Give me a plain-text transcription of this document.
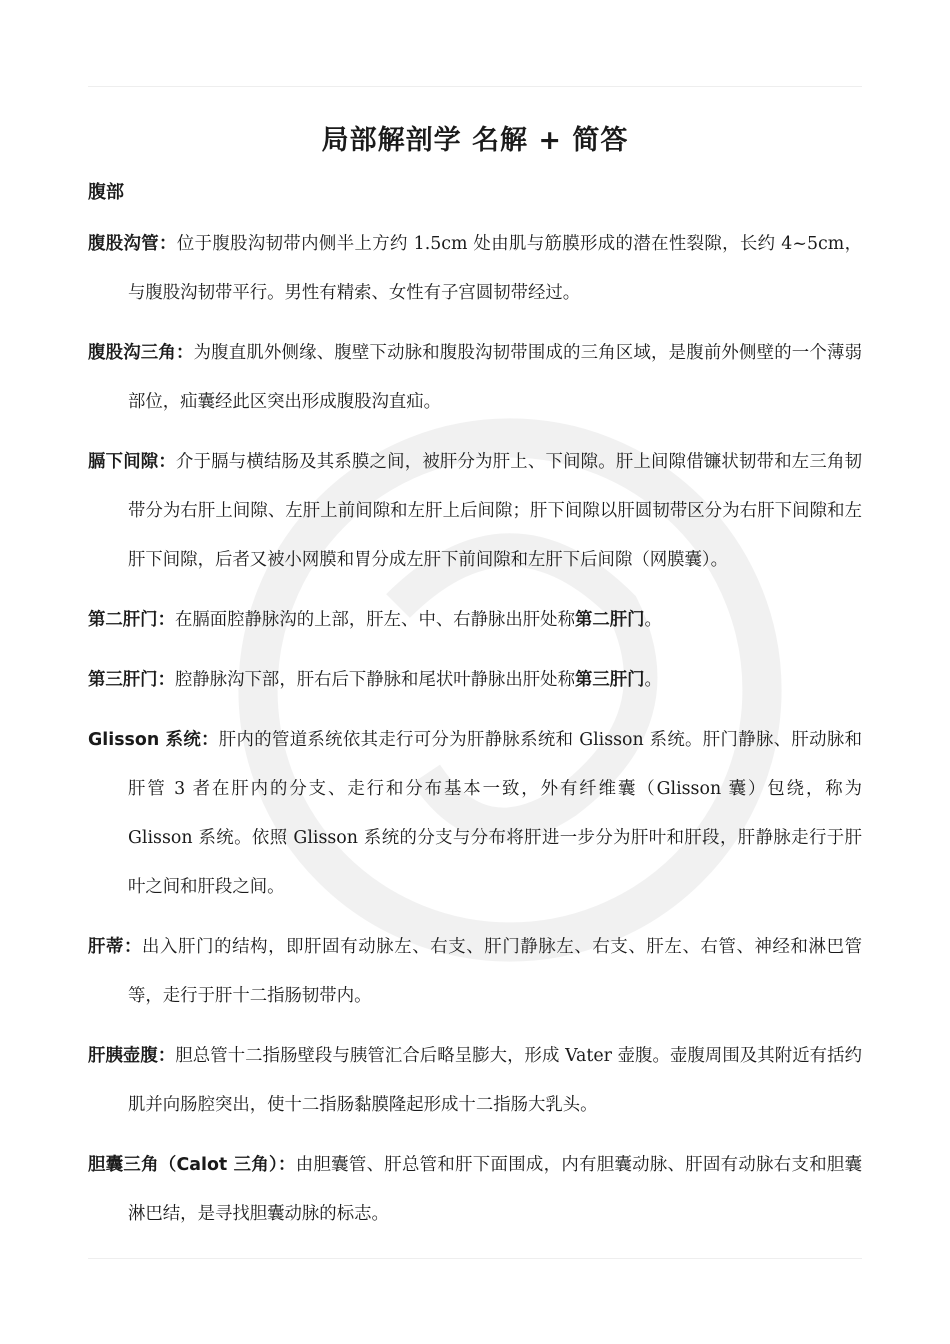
局部解剖学 名解 + 简答
腹部

腹股沟管：位于腹股沟韧带内侧半上方约 1.5cm 处由肌与筋膜形成的潜在性裂隙，长约 4~5cm，与腹股沟韧带平行。男性有精索、女性有子宫圆韧带经过。

腹股沟三角：为腹直肌外侧缘、腹壁下动脉和腹股沟韧带围成的三角区域，是腹前外侧壁的一个薄弱部位，疝囊经此区突出形成腹股沟直疝。

膈下间隙：介于膈与横结肠及其系膜之间，被肝分为肝上、下间隙。肝上间隙借镰状韧带和左三角韧带分为右肝上间隙、左肝上前间隙和左肝上后间隙；肝下间隙以肝圆韧带区分为右肝下间隙和左肝下间隙，后者又被小网膜和胃分成左肝下前间隙和左肝下后间隙（网膜囊）。

第二肝门：在膈面腔静脉沟的上部，肝左、中、右静脉出肝处称第二肝门。

第三肝门：腔静脉沟下部，肝右后下静脉和尾状叶静脉出肝处称第三肝门。

Glisson 系统：肝内的管道系统依其走行可分为肝静脉系统和 Glisson 系统。肝门静脉、肝动脉和肝管 3 者在肝内的分支、走行和分布基本一致，外有纤维囊（Glisson 囊）包绕，称为 Glisson 系统。依照 Glisson 系统的分支与分布将肝进一步分为肝叶和肝段，肝静脉走行于肝叶之间和肝段之间。

肝蒂：出入肝门的结构，即肝固有动脉左、右支、肝门静脉左、右支、肝左、右管、神经和淋巴管等，走行于肝十二指肠韧带内。

肝胰壶腹：胆总管十二指肠壁段与胰管汇合后略呈膨大，形成 Vater 壶腹。壶腹周围及其附近有括约肌并向肠腔突出，使十二指肠黏膜隆起形成十二指肠大乳头。

胆囊三角（Calot 三角）：由胆囊管、肝总管和肝下面围成，内有胆囊动脉、肝固有动脉右支和胆囊淋巴结，是寻找胆囊动脉的标志。
